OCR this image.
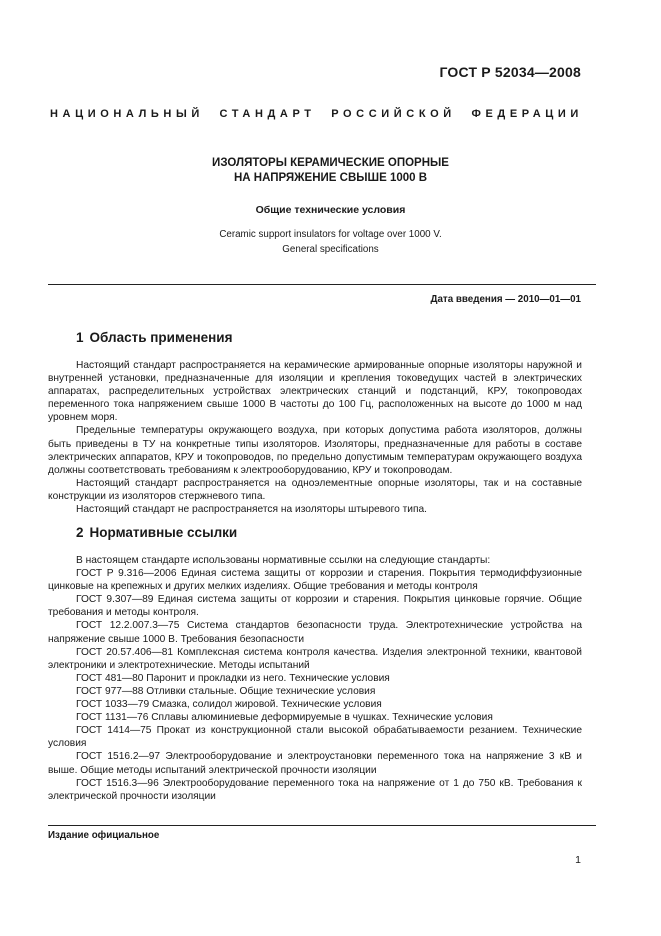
ГОСТ Р 52034—2008
НАЦИОНАЛЬНЫЙ СТАНДАРТ РОССИЙСКОЙ ФЕДЕРАЦИИ
ИЗОЛЯТОРЫ КЕРАМИЧЕСКИЕ ОПОРНЫЕ
НА НАПРЯЖЕНИЕ СВЫШЕ 1000 В
Общие технические условия
Ceramic support insulators for voltage over 1000 V.
General specifications
Дата введения — 2010—01—01
1 Область применения

Настоящий стандарт распространяется на керамические армированные опорные изоляторы наружной и внутренней установки, предназначенные для изоляции и крепления токоведущих частей в электрических аппаратах, распределительных устройствах электрических станций и подстанций, КРУ, токопроводах переменного тока напряжением свыше 1000 В частоты до 100 Гц, расположенных на высоте до 1000 м над уровнем моря.

Предельные температуры окружающего воздуха, при которых допустима работа изоляторов, должны быть приведены в ТУ на конкретные типы изоляторов. Изоляторы, предназначенные для работы в составе электрических аппаратов, КРУ и токопроводов, по предельно допустимым температурам окружающего воздуха должны соответствовать требованиям к электрооборудованию, КРУ и токопроводам.

Настоящий стандарт распространяется на одноэлементные опорные изоляторы, так и на составные конструкции из изоляторов стержневого типа.

Настоящий стандарт не распространяется на изоляторы штыревого типа.

2 Нормативные ссылки

В настоящем стандарте использованы нормативные ссылки на следующие стандарты:

ГОСТ Р 9.316—2006 Единая система защиты от коррозии и старения. Покрытия термодиффузионные цинковые на крепежных и других мелких изделиях. Общие требования и методы контроля

ГОСТ 9.307—89 Единая система защиты от коррозии и старения. Покрытия цинковые горячие. Общие требования и методы контроля.

ГОСТ 12.2.007.3—75 Система стандартов безопасности труда. Электротехнические устройства на напряжение свыше 1000 В. Требования безопасности

ГОСТ 20.57.406—81 Комплексная система контроля качества. Изделия электронной техники, квантовой электроники и электротехнические. Методы испытаний

ГОСТ 481—80 Паронит и прокладки из него. Технические условия

ГОСТ 977—88 Отливки стальные. Общие технические условия

ГОСТ 1033—79 Смазка, солидол жировой. Технические условия

ГОСТ 1131—76 Сплавы алюминиевые деформируемые в чушках. Технические условия

ГОСТ 1414—75 Прокат из конструкционной стали высокой обрабатываемости резанием. Технические условия

ГОСТ 1516.2—97 Электрооборудование и электроустановки переменного тока на напряжение 3 кВ и выше. Общие методы испытаний электрической прочности изоляции

ГОСТ 1516.3—96 Электрооборудование переменного тока на напряжение от 1 до 750 кВ. Требования к электрической прочности изоляции

Издание официальное
1
